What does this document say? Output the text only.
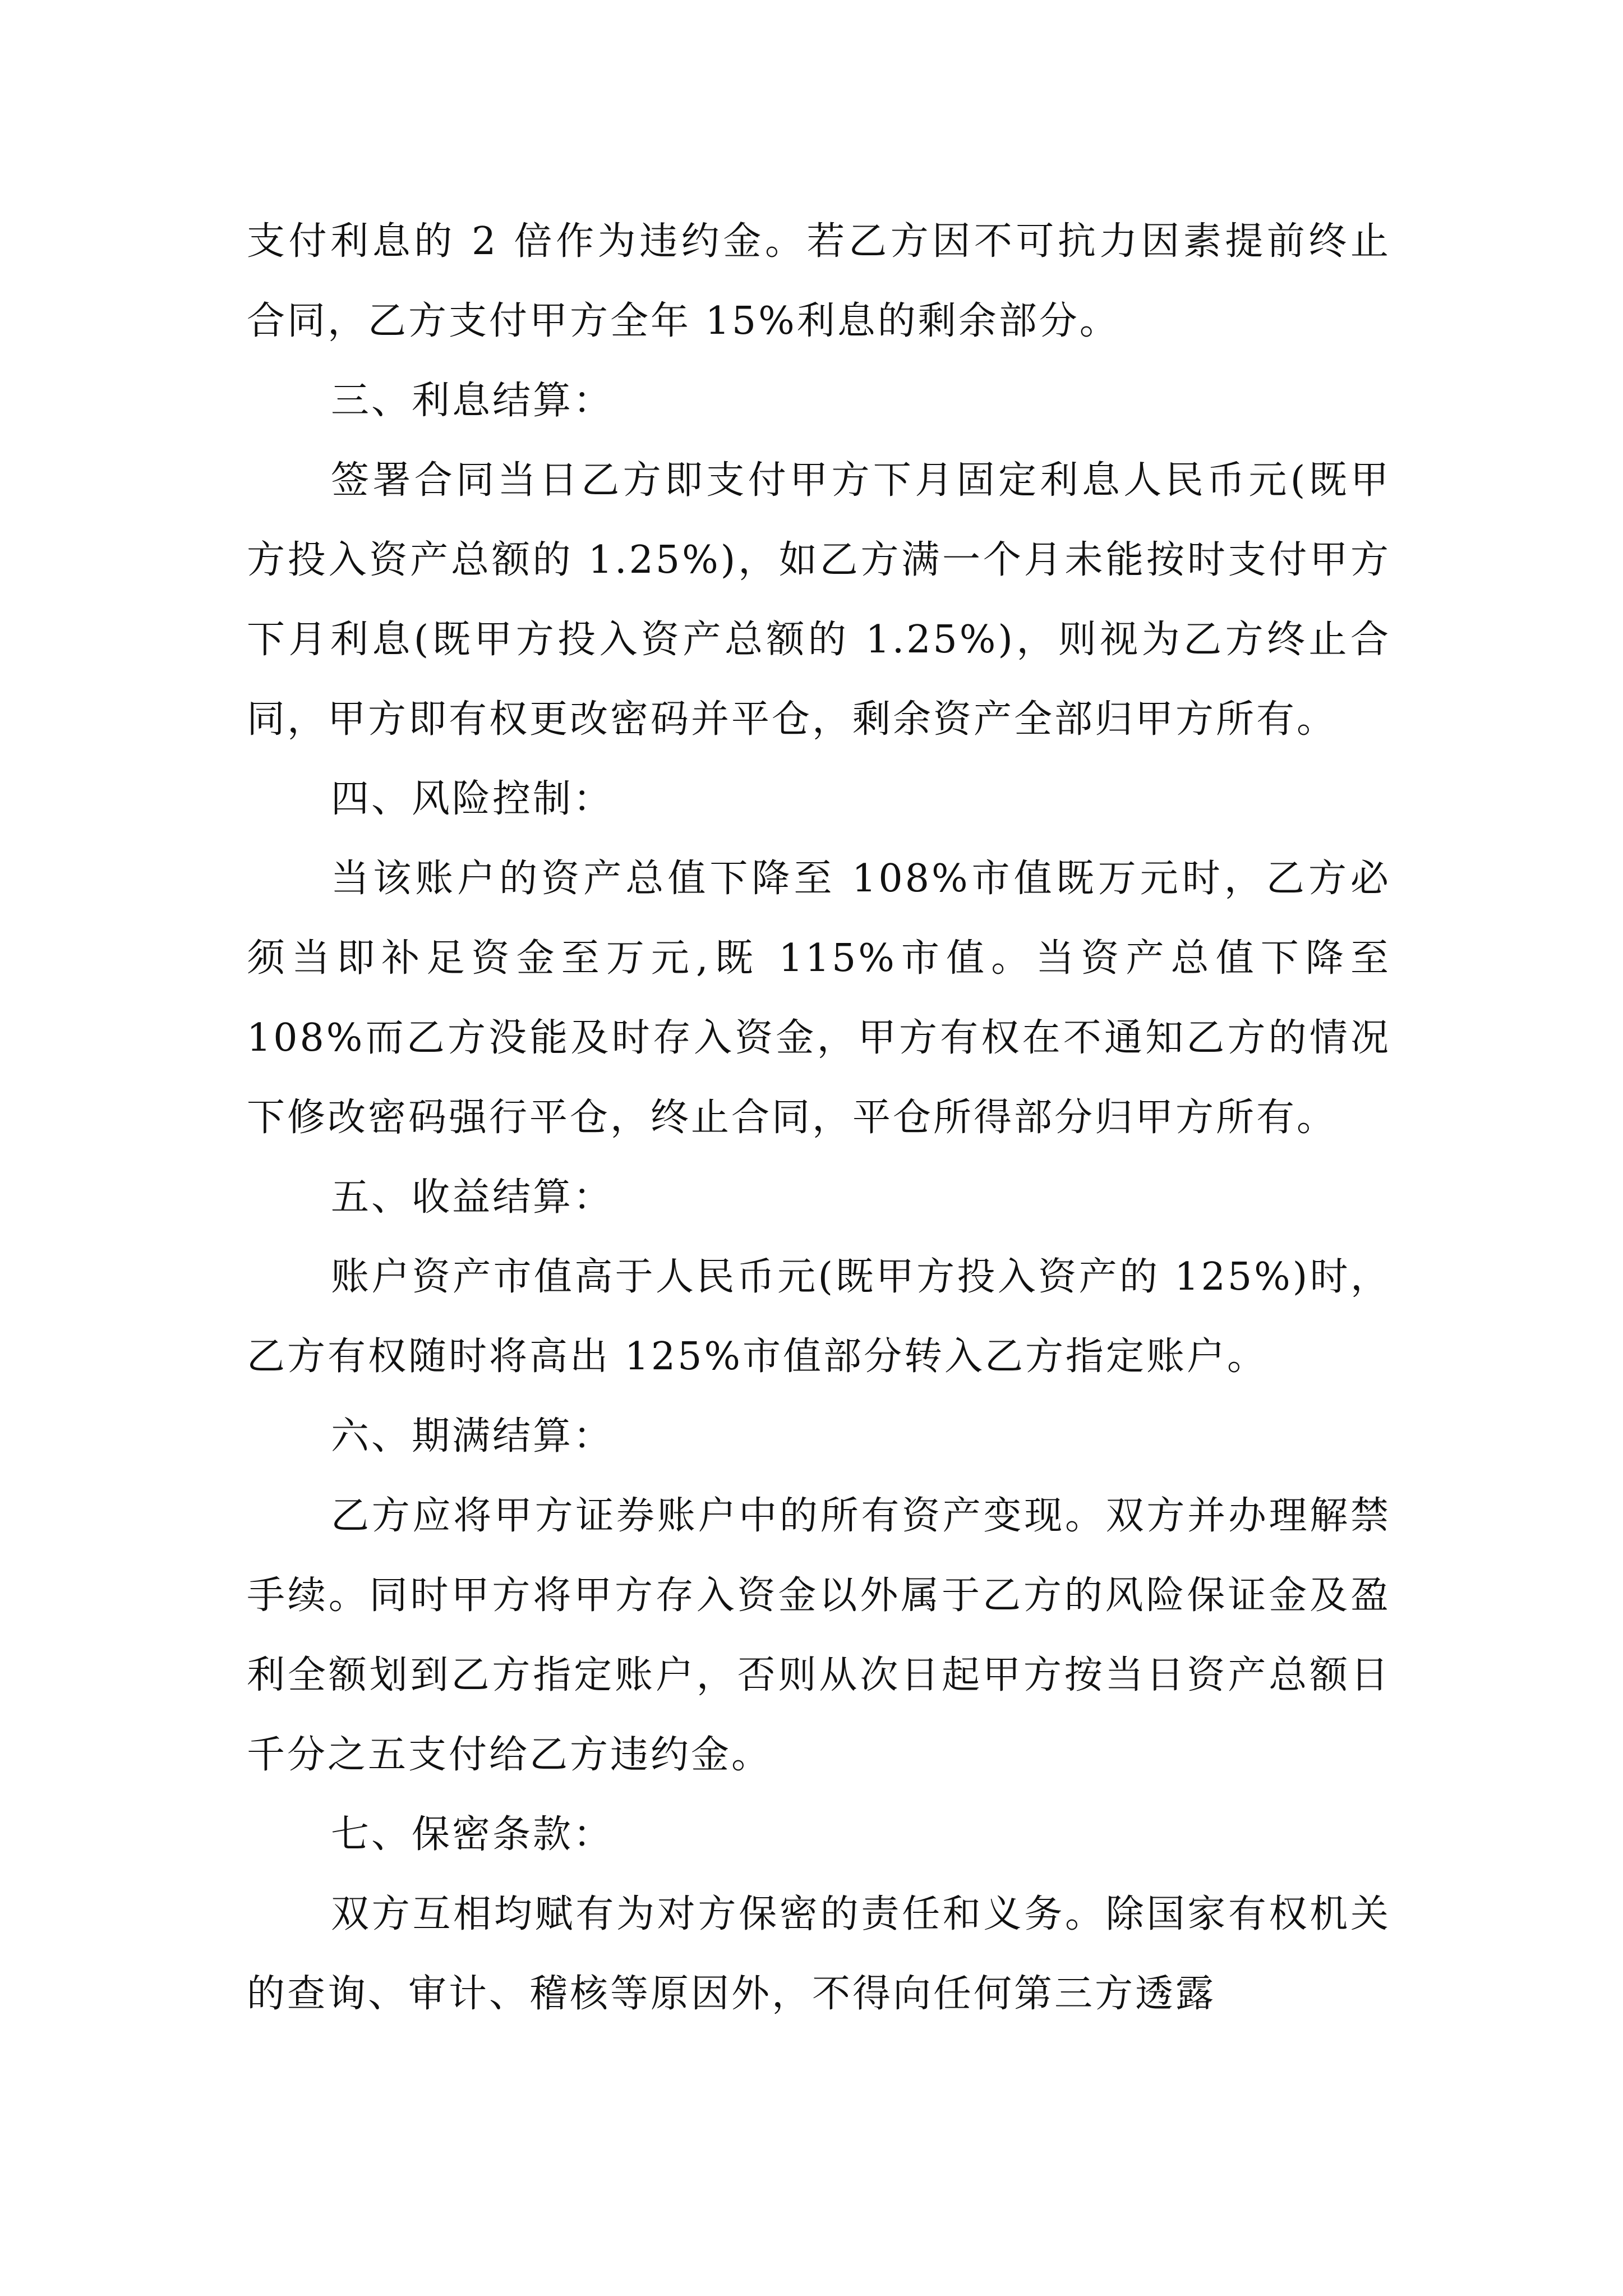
支付利息的 2 倍作为违约金。若乙方因不可抗力因素提前终止合同，乙方支付甲方全年 15%利息的剩余部分。

三、利息结算：

签署合同当日乙方即支付甲方下月固定利息人民币元(既甲方投入资产总额的 1.25%)，如乙方满一个月未能按时支付甲方下月利息(既甲方投入资产总额的 1.25%)，则视为乙方终止合同，甲方即有权更改密码并平仓，剩余资产全部归甲方所有。

四、风险控制：

当该账户的资产总值下降至 108%市值既万元时，乙方必须当即补足资金至万元,既 115%市值。当资产总值下降至 108%而乙方没能及时存入资金，甲方有权在不通知乙方的情况下修改密码强行平仓，终止合同，平仓所得部分归甲方所有。

五、收益结算：

账户资产市值高于人民币元(既甲方投入资产的 125%)时，乙方有权随时将高出 125%市值部分转入乙方指定账户。

六、期满结算：

乙方应将甲方证券账户中的所有资产变现。双方并办理解禁手续。同时甲方将甲方存入资金以外属于乙方的风险保证金及盈利全额划到乙方指定账户，否则从次日起甲方按当日资产总额日千分之五支付给乙方违约金。

七、保密条款：

双方互相均赋有为对方保密的责任和义务。除国家有权机关的查询、审计、稽核等原因外，不得向任何第三方透露
